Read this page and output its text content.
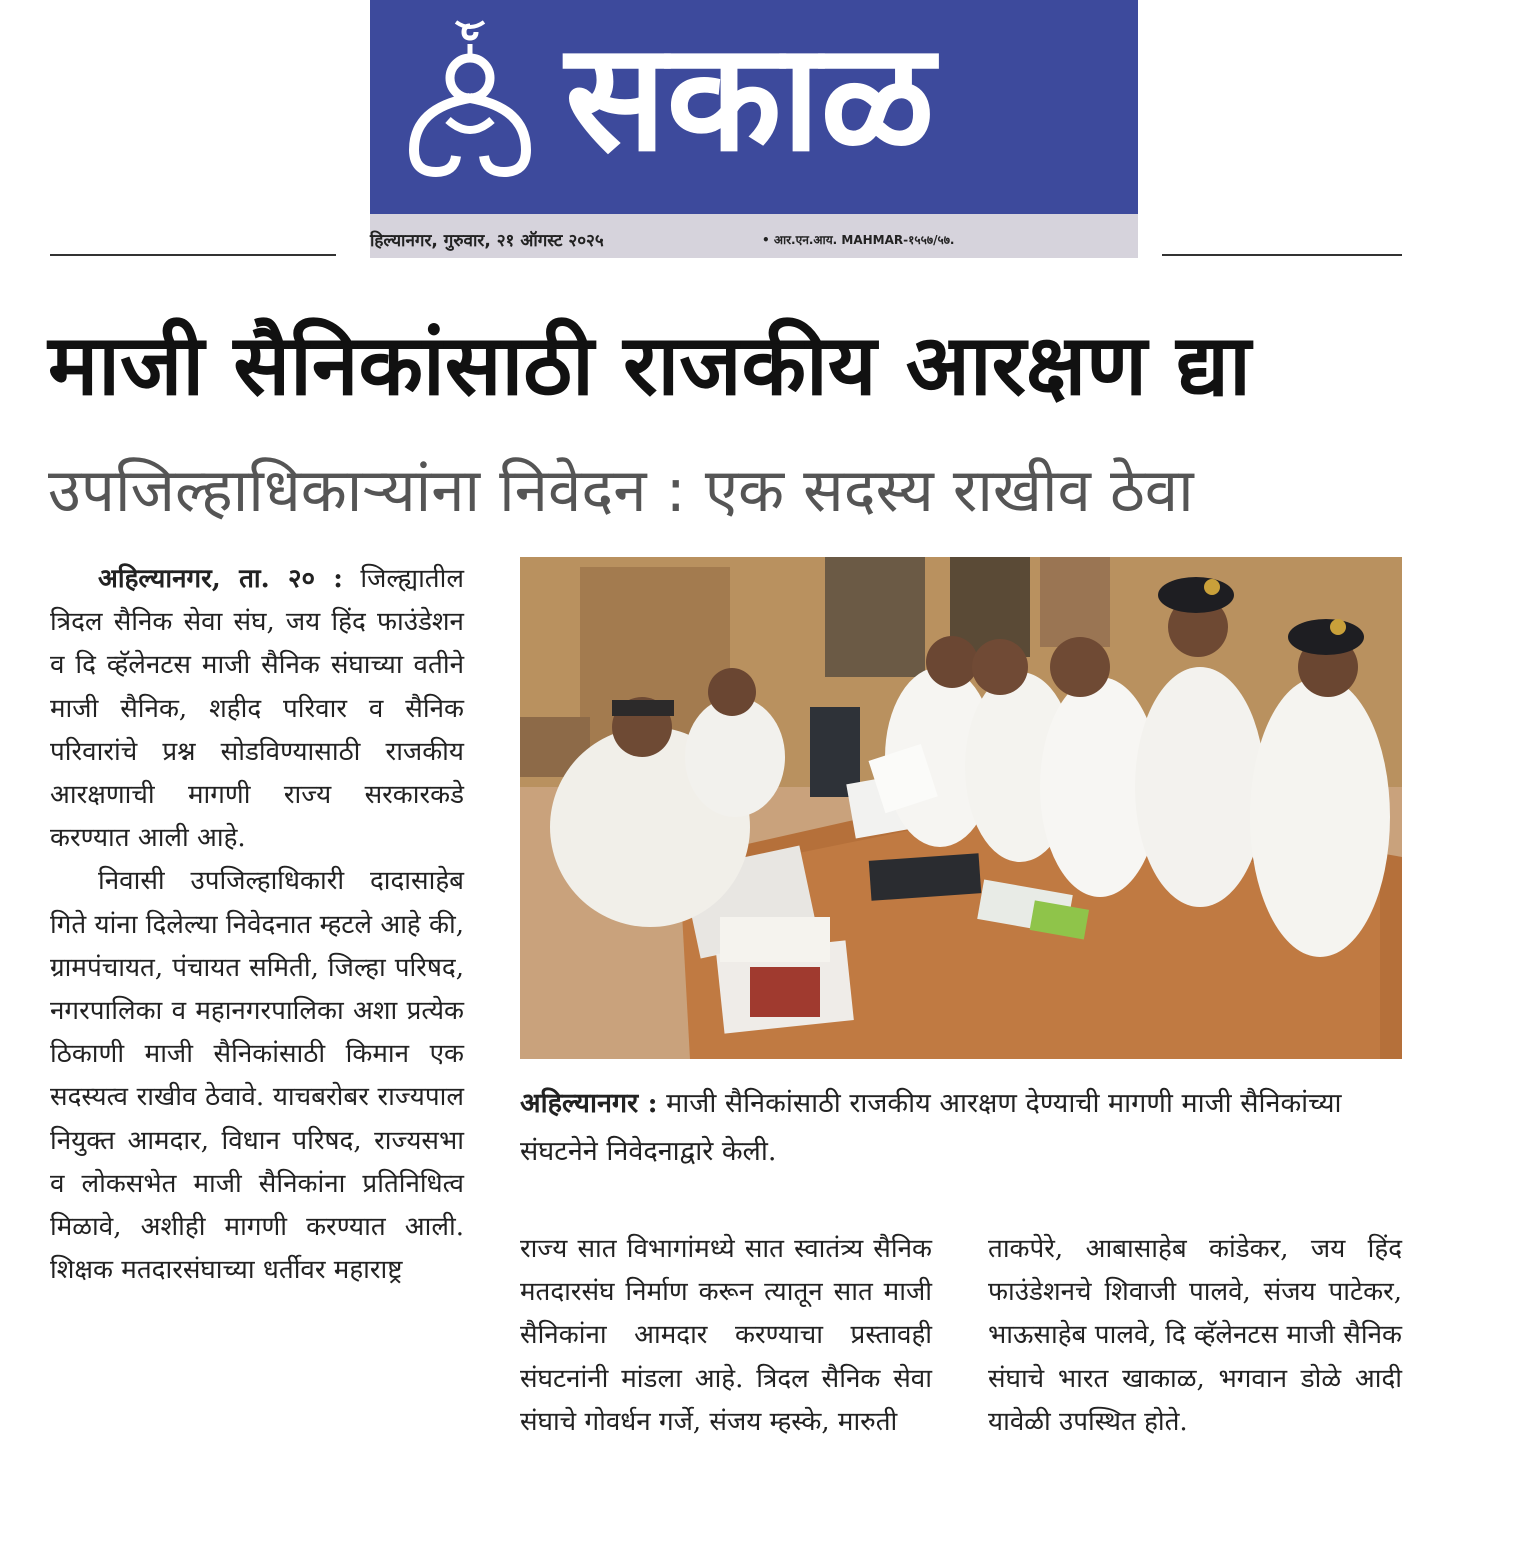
सकाळ
हिल्यानगर, गुरुवार, २१ ऑगस्ट २०२५	• आर.एन.आय. MAHMAR-१५५७/५७.
माजी सैनिकांसाठी राजकीय आरक्षण द्या
उपजिल्हाधिकाऱ्यांना निवेदन : एक सदस्य राखीव ठेवा

अहिल्यानगर, ता. २० : जिल्ह्यातील त्रिदल सैनिक सेवा संघ, जय हिंद फाउंडेशन व दि व्हॅलेनटस माजी सैनिक संघाच्या वतीने माजी सैनिक, शहीद परिवार व सैनिक परिवारांचे प्रश्न सोडविण्यासाठी राजकीय आरक्षणाची मागणी राज्य सरकारकडे करण्यात आली आहे.

निवासी उपजिल्हाधिकारी दादासाहेब गिते यांना दिलेल्या निवेदनात म्हटले आहे की, ग्रामपंचायत, पंचायत समिती, जिल्हा परिषद, नगरपालिका व महानगरपालिका अशा प्रत्येक ठिकाणी माजी सैनिकांसाठी किमान एक सदस्यत्व राखीव ठेवावे. याचबरोबर राज्यपाल नियुक्त आमदार, विधान परिषद, राज्यसभा व लोकसभेत माजी सैनिकांना प्रतिनिधित्व मिळावे, अशीही मागणी करण्यात आली. शिक्षक मतदारसंघाच्या धर्तीवर महाराष्ट्र

अहिल्यानगर : माजी सैनिकांसाठी राजकीय आरक्षण देण्याची मागणी माजी सैनिकांच्या संघटनेने निवेदनाद्वारे केली.

राज्य सात विभागांमध्ये सात स्वातंत्र्य सैनिक मतदारसंघ निर्माण करून त्यातून सात माजी सैनिकांना आमदार करण्याचा प्रस्तावही संघटनांनी मांडला आहे. त्रिदल सैनिक सेवा संघाचे गोवर्धन गर्जे, संजय म्हस्के, मारुती

ताकपेरे, आबासाहेब कांडेकर, जय हिंद फाउंडेशनचे शिवाजी पालवे, संजय पाटेकर, भाऊसाहेब पालवे, दि व्हॅलेनटस माजी सैनिक संघाचे भारत खाकाळ, भगवान डोळे आदी यावेळी उपस्थित होते.
